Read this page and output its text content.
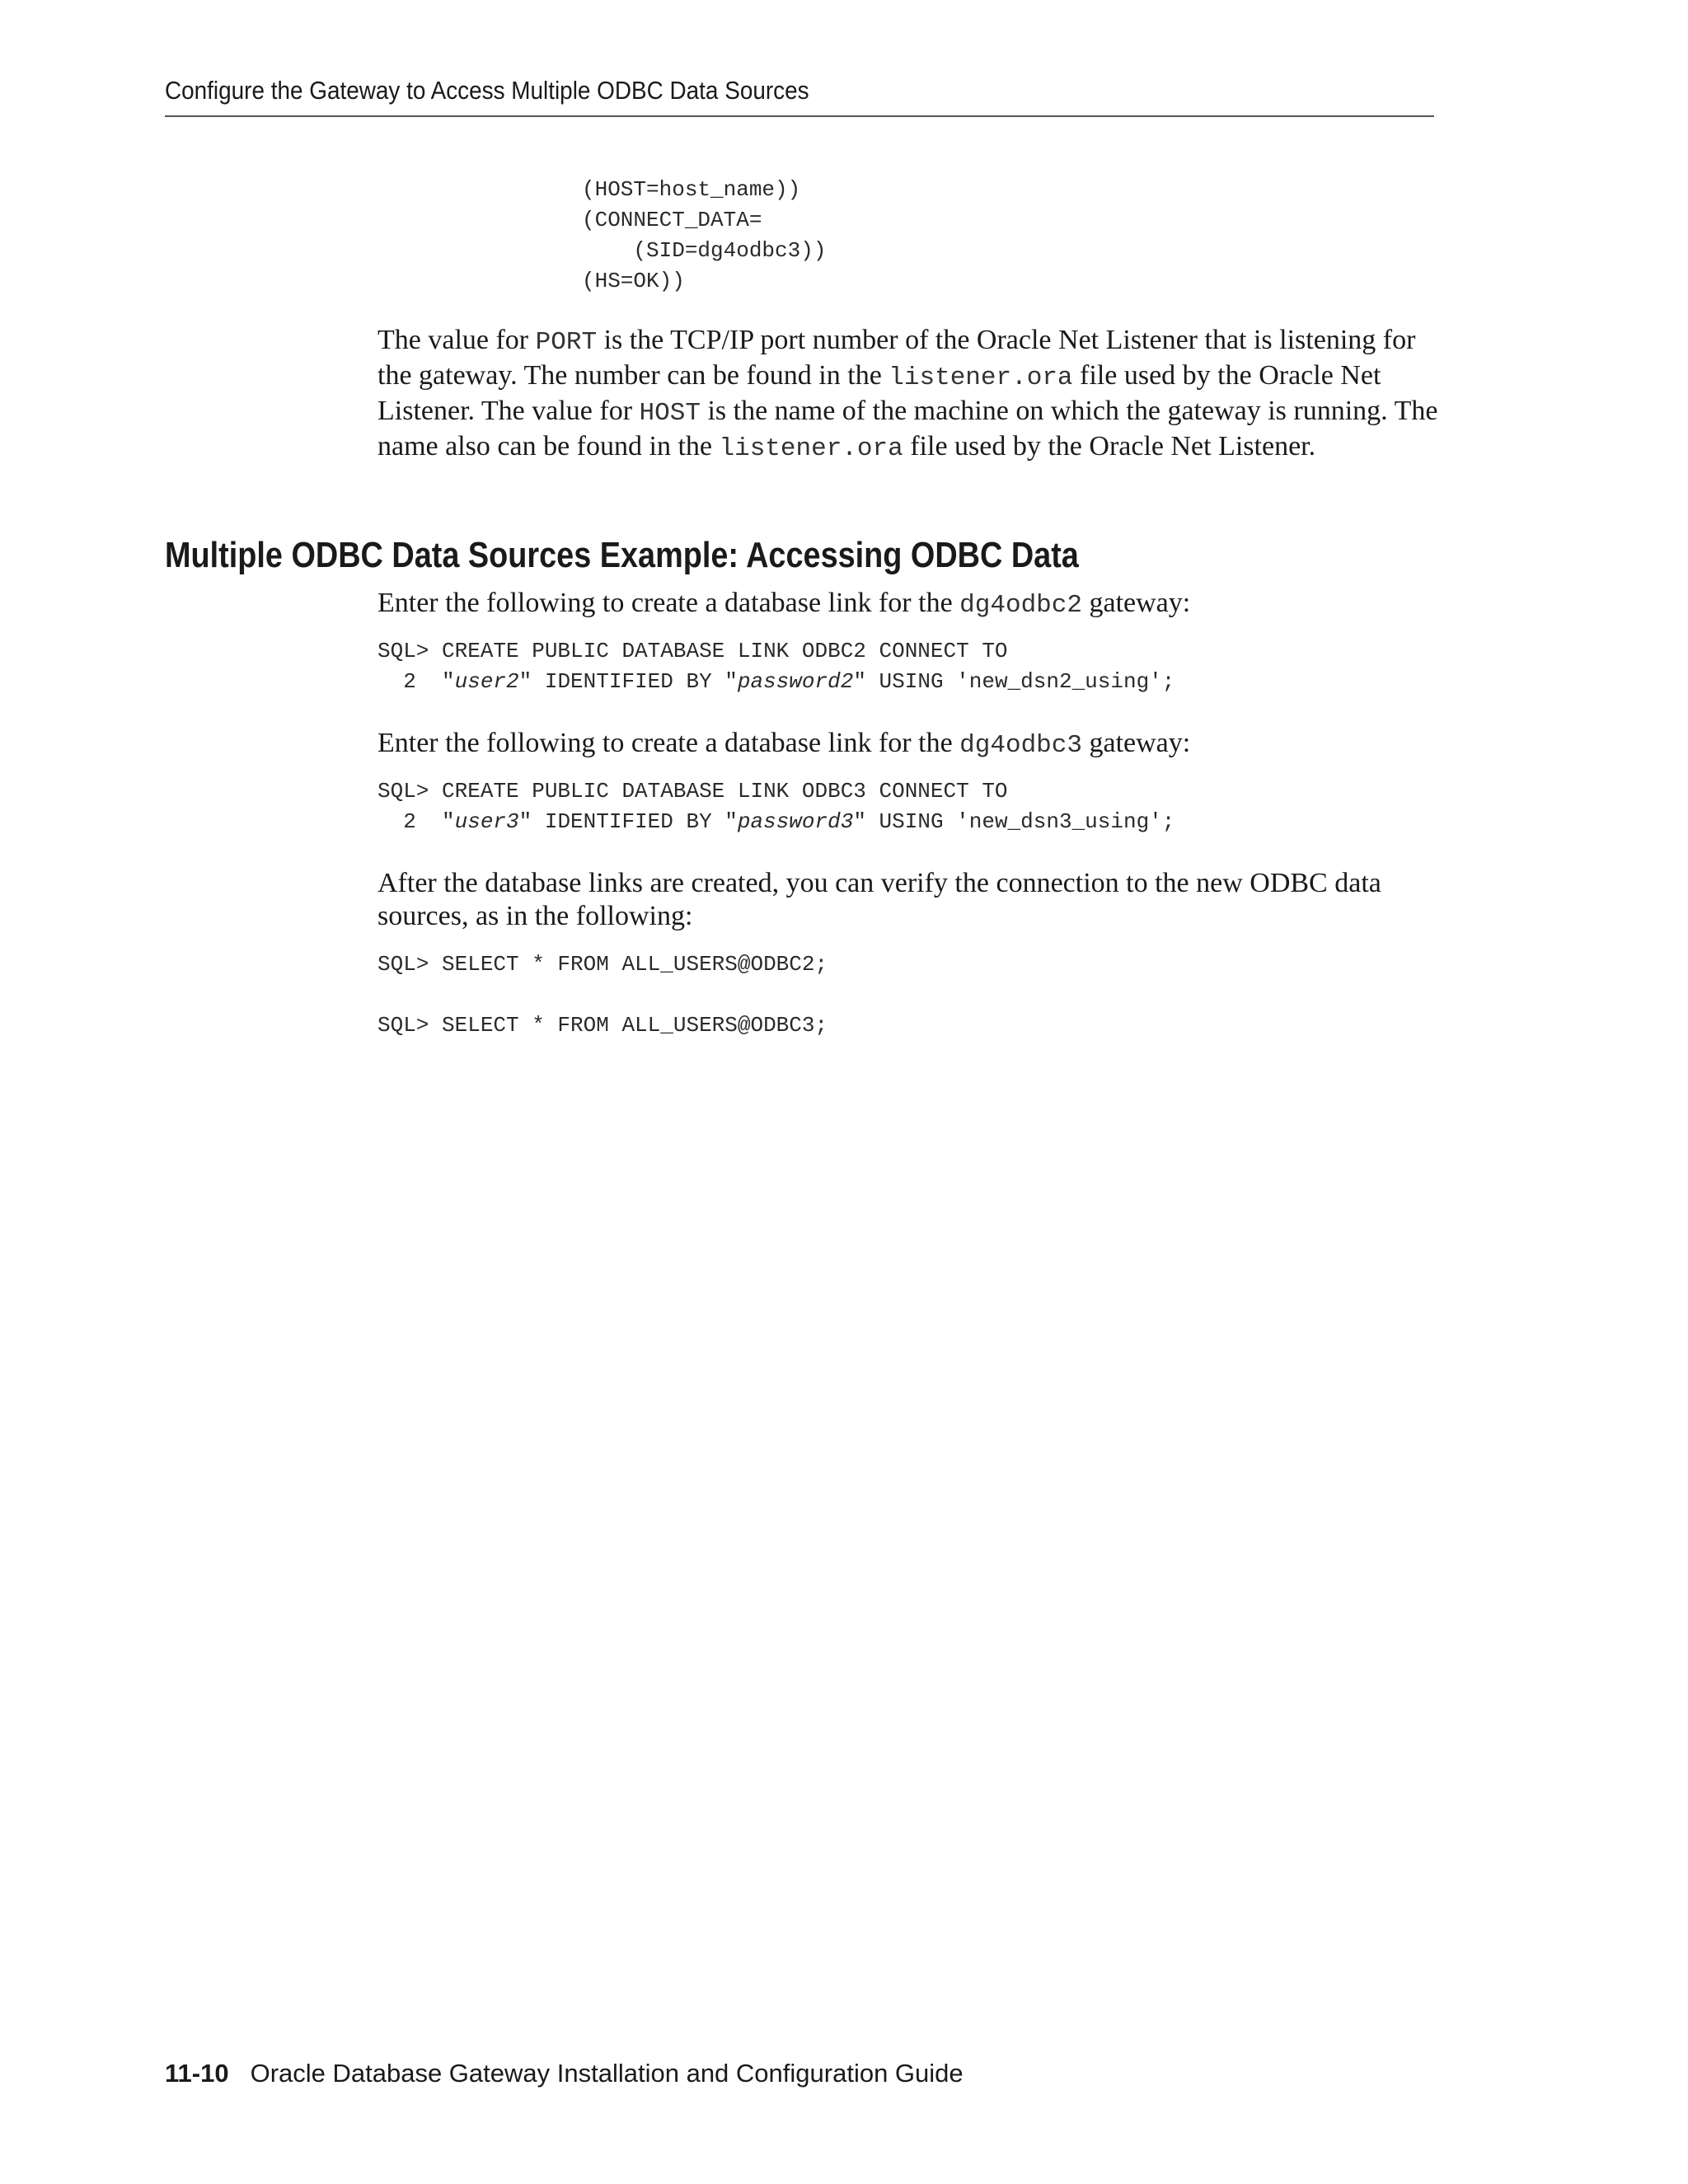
Configure the Gateway to Access Multiple ODBC Data Sources
(HOST=host_name))
(CONNECT_DATA=
(SID=dg4odbc3))
(HS=OK))

The value for PORT is the TCP/IP port number of the Oracle Net Listener that is listening for the gateway. The number can be found in the listener.ora file used by the Oracle Net Listener. The value for HOST is the name of the machine on which the gateway is running. The name also can be found in the listener.ora file used by the Oracle Net Listener.

Multiple ODBC Data Sources Example: Accessing ODBC Data

Enter the following to create a database link for the dg4odbc2 gateway:

SQL> CREATE PUBLIC DATABASE LINK ODBC2 CONNECT TO
2  "user2" IDENTIFIED BY "password2" USING 'new_dsn2_using';

Enter the following to create a database link for the dg4odbc3 gateway:

SQL> CREATE PUBLIC DATABASE LINK ODBC3 CONNECT TO
2  "user3" IDENTIFIED BY "password3" USING 'new_dsn3_using';

After the database links are created, you can verify the connection to the new ODBC data sources, as in the following:

SQL> SELECT * FROM ALL_USERS@ODBC2;
SQL> SELECT * FROM ALL_USERS@ODBC3;
11-10 Oracle Database Gateway Installation and Configuration Guide
